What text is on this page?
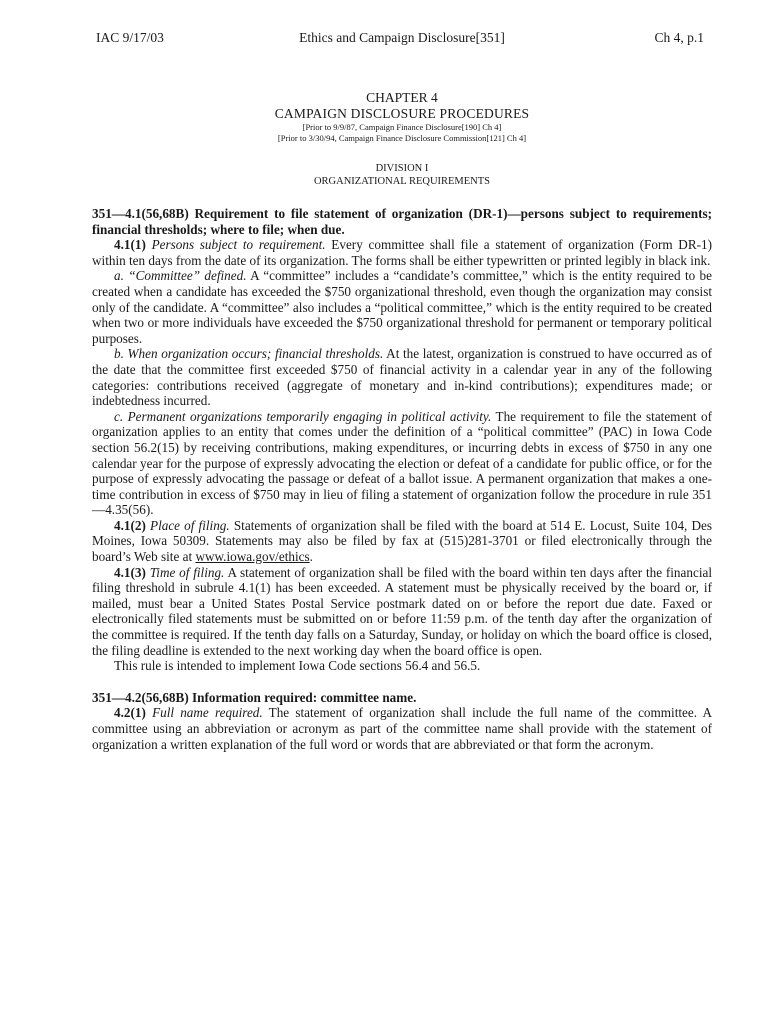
IAC 9/17/03	Ethics and Campaign Disclosure[351]	Ch 4, p.1
CHAPTER 4
CAMPAIGN DISCLOSURE PROCEDURES
[Prior to 9/9/87, Campaign Finance Disclosure[190] Ch 4]
[Prior to 3/30/94, Campaign Finance Disclosure Commission[121] Ch 4]
DIVISION I
ORGANIZATIONAL REQUIREMENTS

351—4.1(56,68B) Requirement to file statement of organization (DR-1)—persons subject to requirements; financial thresholds; where to file; when due.

4.1(1) Persons subject to requirement. Every committee shall file a statement of organization (Form DR-1) within ten days from the date of its organization. The forms shall be either typewritten or printed legibly in black ink.

a. “Committee” defined. A “committee” includes a “candidate’s committee,” which is the entity required to be created when a candidate has exceeded the $750 organizational threshold, even though the organization may consist only of the candidate. A “committee” also includes a “political committee,” which is the entity required to be created when two or more individuals have exceeded the $750 organizational threshold for permanent or temporary political purposes.

b. When organization occurs; financial thresholds. At the latest, organization is construed to have occurred as of the date that the committee first exceeded $750 of financial activity in a calendar year in any of the following categories: contributions received (aggregate of monetary and in-kind contributions); expenditures made; or indebtedness incurred.

c. Permanent organizations temporarily engaging in political activity. The requirement to file the statement of organization applies to an entity that comes under the definition of a “political committee” (PAC) in Iowa Code section 56.2(15) by receiving contributions, making expenditures, or incurring debts in excess of $750 in any one calendar year for the purpose of expressly advocating the election or defeat of a candidate for public office, or for the purpose of expressly advocating the passage or defeat of a ballot issue. A permanent organization that makes a one-time contribution in excess of $750 may in lieu of filing a statement of organization follow the procedure in rule 351—4.35(56).

4.1(2) Place of filing. Statements of organization shall be filed with the board at 514 E. Locust, Suite 104, Des Moines, Iowa 50309. Statements may also be filed by fax at (515)281-3701 or filed electronically through the board’s Web site at www.iowa.gov/ethics.

4.1(3) Time of filing. A statement of organization shall be filed with the board within ten days after the financial filing threshold in subrule 4.1(1) has been exceeded. A statement must be physically received by the board or, if mailed, must bear a United States Postal Service postmark dated on or before the report due date. Faxed or electronically filed statements must be submitted on or before 11:59 p.m. of the tenth day after the organization of the committee is required. If the tenth day falls on a Saturday, Sunday, or holiday on which the board office is closed, the filing deadline is extended to the next working day when the board office is open.

This rule is intended to implement Iowa Code sections 56.4 and 56.5.

351—4.2(56,68B) Information required: committee name.

4.2(1) Full name required. The statement of organization shall include the full name of the committee. A committee using an abbreviation or acronym as part of the committee name shall provide with the statement of organization a written explanation of the full word or words that are abbreviated or that form the acronym.
